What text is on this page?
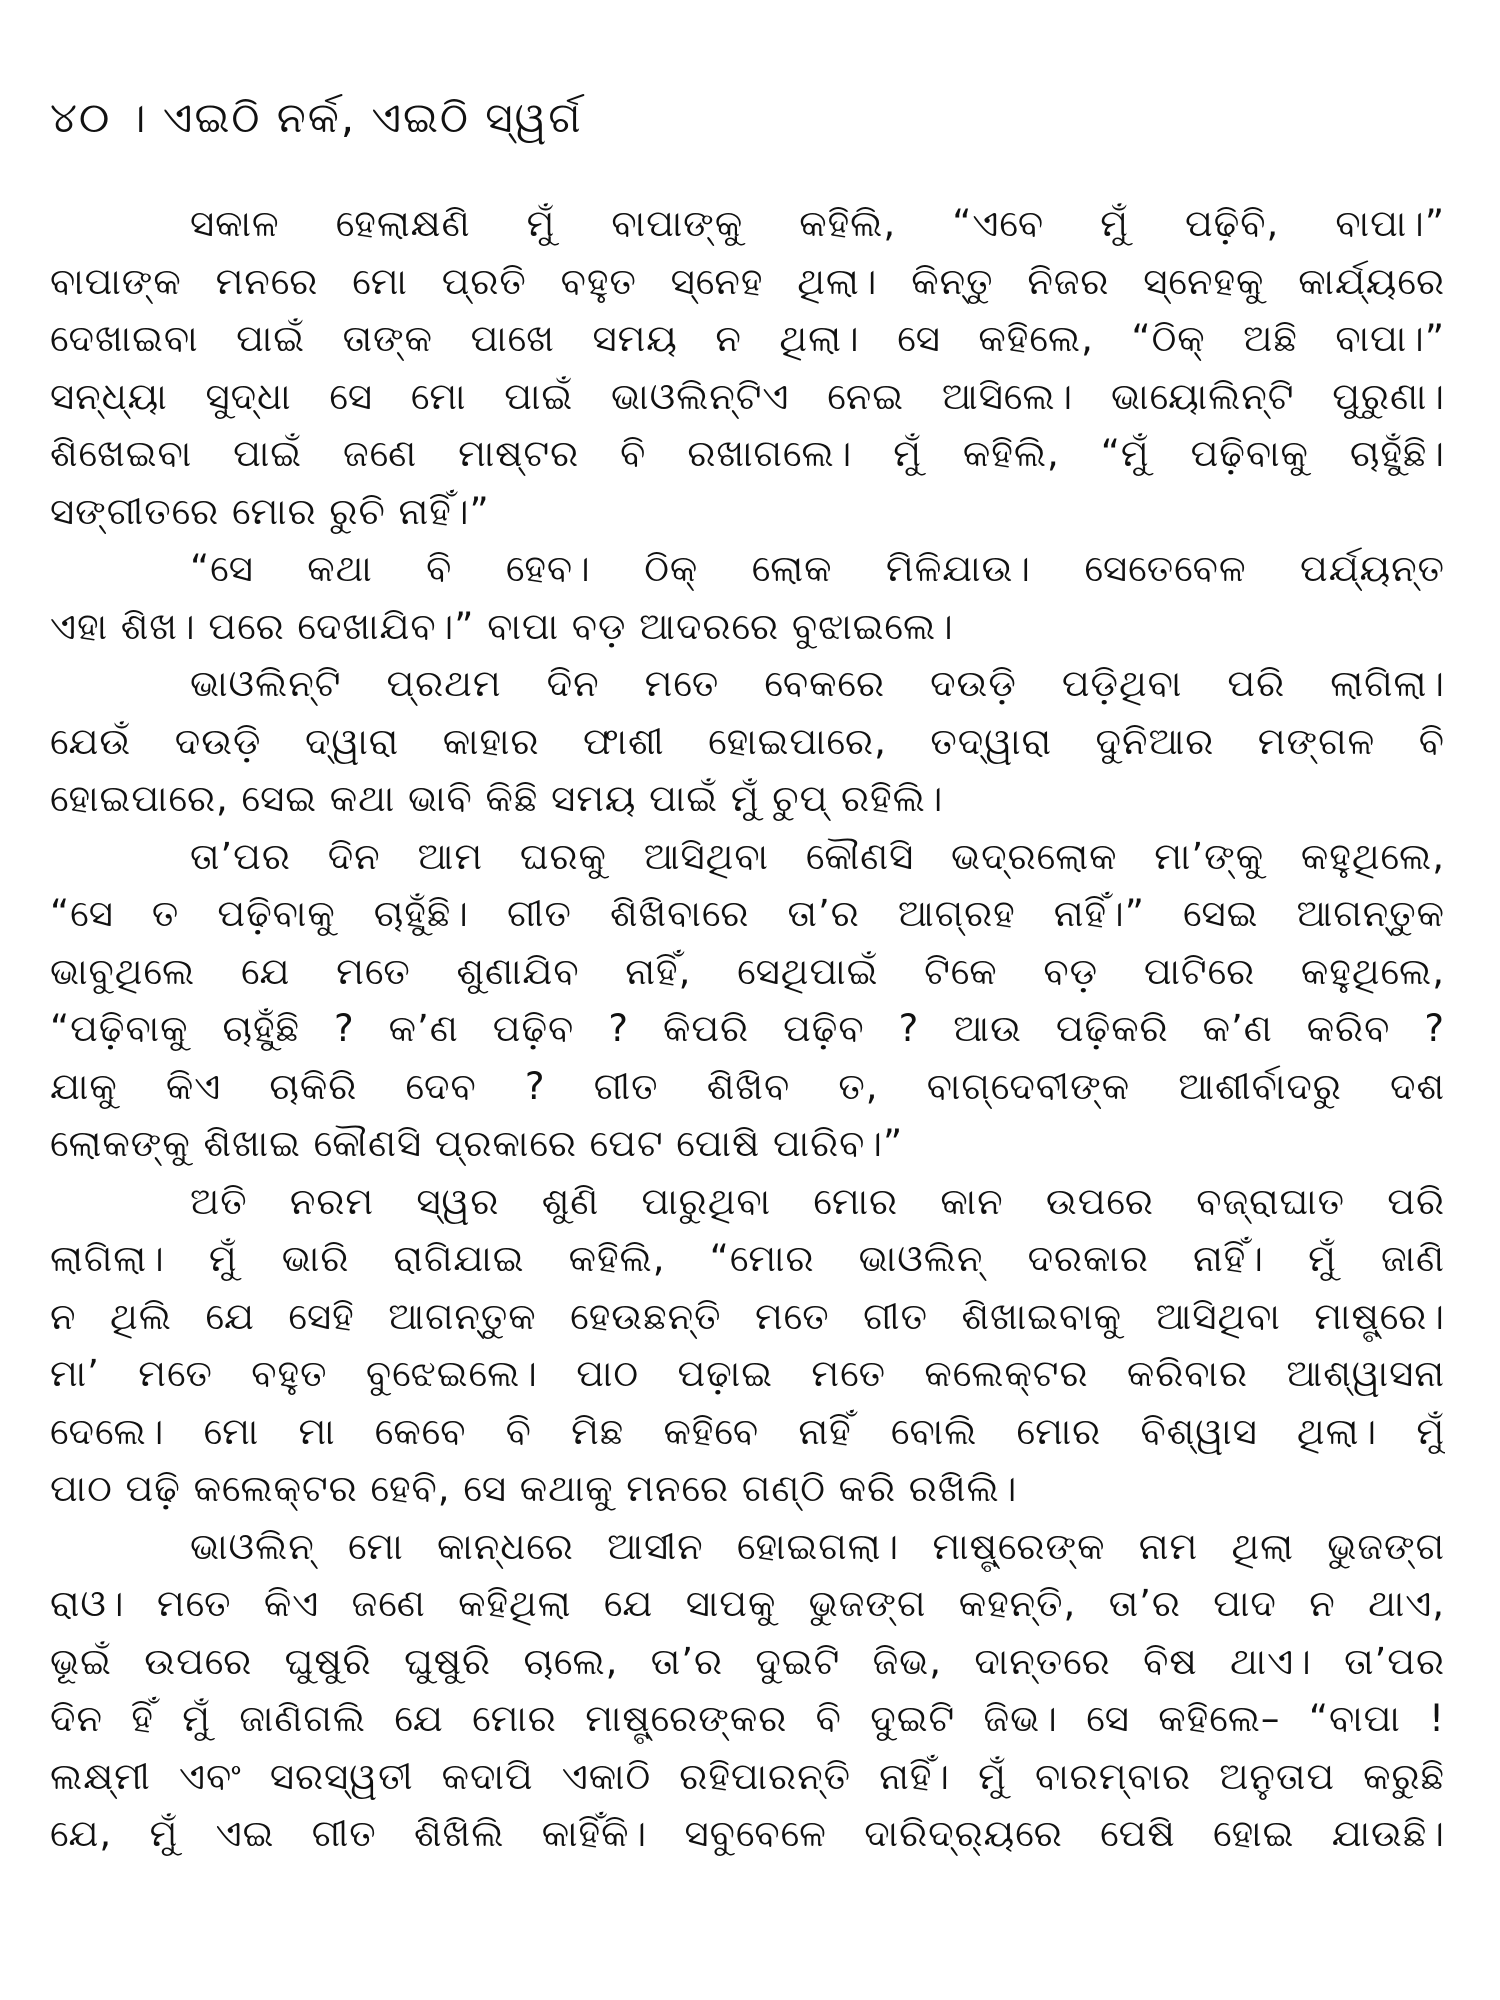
୪୦ । ଏଇଠି ନର୍କ, ଏଇଠି ସ୍ୱର୍ଗ
ସକାଳ ହେଲାକ୍ଷଣି ମୁଁ ବାପାଙ୍କୁ କହିଲି, “ଏବେ ମୁଁ ପଢ଼ିବି, ବାପା।”
ବାପାଙ୍କ ମନରେ ମୋ ପ୍ରତି ବହୁତ ସ୍ନେହ ଥିଲା। କିନ୍ତୁ ନିଜର ସ୍ନେହକୁ କାର୍ଯ୍ୟରେ
ଦେଖାଇବା ପାଇଁ ତାଙ୍କ ପାଖେ ସମୟ ନ ଥିଲା। ସେ କହିଲେ, “ଠିକ୍ ଅଛି ବାପା।”
ସନ୍ଧ୍ୟା ସୁଦ୍ଧା ସେ ମୋ ପାଇଁ ଭାଓଲିନ୍‌ଟିଏ ନେଇ ଆସିଲେ। ଭାୟୋଲିନ୍‌ଟି ପୁରୁଣା।
ଶିଖେଇବା ପାଇଁ ଜଣେ ମାଷ୍ଟର ବି ରଖାଗଲେ। ମୁଁ କହିଲି, “ମୁଁ ପଢ଼ିବାକୁ ଚାହୁଁଛି।
ସଙ୍ଗୀତରେ ମୋର ରୁଚି ନାହିଁ।”
“ସେ କଥା ବି ହେବ। ଠିକ୍ ଲୋକ ମିଳିଯାଉ। ସେତେବେଳ ପର୍ଯ୍ୟନ୍ତ
ଏହା ଶିଖ। ପରେ ଦେଖାଯିବ।” ବାପା ବଡ଼ ଆଦରରେ ବୁଝାଇଲେ।
ଭାଓଲିନ୍‌ଟି ପ୍ରଥମ ଦିନ ମତେ ବେକରେ ଦଉଡ଼ି ପଡ଼ିଥିବା ପରି ଲାଗିଲା।
ଯେଉଁ ଦଉଡ଼ି ଦ୍ୱାରା କାହାର ଫାଶୀ ହୋଇପାରେ, ତଦ୍ୱାରା ଦୁନିଆର ମଙ୍ଗଳ ବି
ହୋଇପାରେ, ସେଇ କଥା ଭାବି କିଛି ସମୟ ପାଇଁ ମୁଁ ଚୁପ୍ ରହିଲି।
ତା’ପର ଦିନ ଆମ ଘରକୁ ଆସିଥିବା କୌଣସି ଭଦ୍ରଲୋକ ମା’ଙ୍କୁ କହୁଥିଲେ,
“ସେ ତ ପଢ଼ିବାକୁ ଚାହୁଁଛି। ଗୀତ ଶିଖିବାରେ ତା’ର ଆଗ୍ରହ ନାହିଁ।” ସେଇ ଆଗନ୍ତୁକ
ଭାବୁଥିଲେ ଯେ ମତେ ଶୁଣାଯିବ ନାହିଁ, ସେଥିପାଇଁ ଟିକେ ବଡ଼ ପାଟିରେ କହୁଥିଲେ,
“ପଢ଼ିବାକୁ ଚାହୁଁଛି ? କ’ଣ ପଢ଼ିବ ? କିପରି ପଢ଼ିବ ? ଆଉ ପଢ଼ିକରି କ’ଣ କରିବ ?
ଯାକୁ କିଏ ଚାକିରି ଦେବ ? ଗୀତ ଶିଖିବ ତ, ବାଗ୍‌ଦେବୀଙ୍କ ଆଶୀର୍ବାଦରୁ ଦଶ
ଲୋକଙ୍କୁ ଶିଖାଇ କୌଣସି ପ୍ରକାରେ ପେଟ ପୋଷି ପାରିବ।”
ଅତି ନରମ ସ୍ୱର ଶୁଣି ପାରୁଥିବା ମୋର କାନ ଉପରେ ବଜ୍ରାଘାତ ପରି
ଲାଗିଲା। ମୁଁ ଭାରି ରାଗିଯାଇ କହିଲି, “ମୋର ଭାଓଲିନ୍ ଦରକାର ନାହିଁ। ମୁଁ ଜାଣି
ନ ଥିଲି ଯେ ସେହି ଆଗନ୍ତୁକ ହେଉଛନ୍ତି ମତେ ଗୀତ ଶିଖାଇବାକୁ ଆସିଥିବା ମାଷ୍ଟ୍ରେ।
ମା’ ମତେ ବହୁତ ବୁଝେଇଲେ। ପାଠ ପଢ଼ାଇ ମତେ କଲେକ୍ଟର କରିବାର ଆଶ୍ୱାସନା
ଦେଲେ। ମୋ ମା କେବେ ବି ମିଛ କହିବେ ନାହିଁ ବୋଲି ମୋର ବିଶ୍ୱାସ ଥିଲା। ମୁଁ
ପାଠ ପଢ଼ି କଲେକ୍ଟର ହେବି, ସେ କଥାକୁ ମନରେ ଗଣ୍ଠି କରି ରଖିଲି।
ଭାଓଲିନ୍ ମୋ କାନ୍ଧରେ ଆସୀନ ହୋଇଗଲା। ମାଷ୍ଟ୍ରେଙ୍କ ନାମ ଥିଲା ଭୁଜଙ୍ଗ
ରାଓ। ମତେ କିଏ ଜଣେ କହିଥିଲା ଯେ ସାପକୁ ଭୁଜଙ୍ଗ କହନ୍ତି, ତା’ର ପାଦ ନ ଥାଏ,
ଭୂଇଁ ଉପରେ ଘୁଷୁରି ଘୁଷୁରି ଚାଲେ, ତା’ର ଦୁଇଟି ଜିଭ, ଦାନ୍ତରେ ବିଷ ଥାଏ। ତା’ପର
ଦିନ ହିଁ ମୁଁ ଜାଣିଗଲି ଯେ ମୋର ମାଷ୍ଟ୍ରେଙ୍କର ବି ଦୁଇଟି ଜିଭ। ସେ କହିଲେ– “ବାପା !
ଲକ୍ଷ୍ମୀ ଏବଂ ସରସ୍ୱତୀ କଦାପି ଏକାଠି ରହିପାରନ୍ତି ନାହିଁ। ମୁଁ ବାରମ୍ବାର ଅନୁତାପ କରୁଛି
ଯେ, ମୁଁ ଏଇ ଗୀତ ଶିଖିଲି କାହିଁକି। ସବୁବେଳେ ଦାରିଦ୍ର୍ୟରେ ପେଷି ହୋଇ ଯାଉଛି।
